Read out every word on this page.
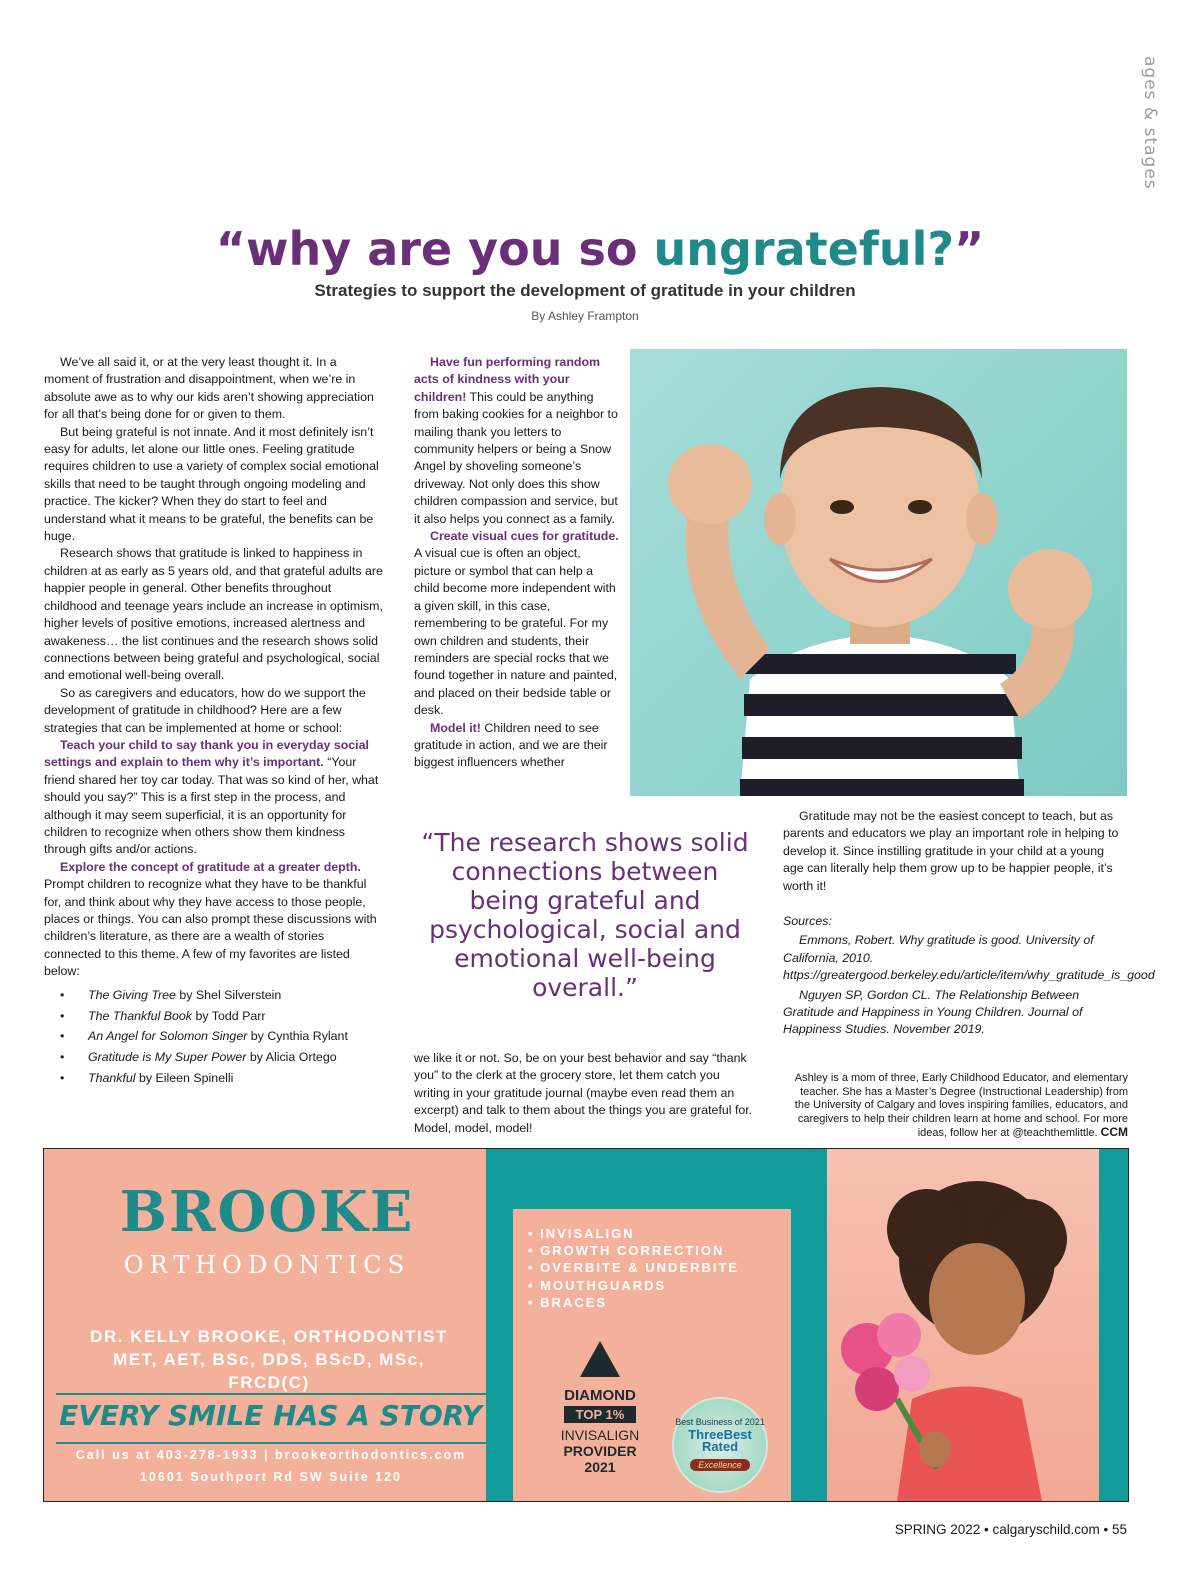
ages & stages
“why are you so ungrateful?”
Strategies to support the development of gratitude in your children
By Ashley Frampton

We’ve all said it, or at the very least thought it. In a moment of frustration and disappointment, when we’re in absolute awe as to why our kids aren’t showing appreciation for all that’s being done for or given to them.

But being grateful is not innate. And it most definitely isn’t easy for adults, let alone our little ones. Feeling gratitude requires children to use a variety of complex social emotional skills that need to be taught through ongoing modeling and practice. The kicker? When they do start to feel and understand what it means to be grateful, the benefits can be huge.

Research shows that gratitude is linked to happiness in children at as early as 5 years old, and that grateful adults are happier people in general. Other benefits throughout childhood and teenage years include an increase in optimism, higher levels of positive emotions, increased alertness and awakeness… the list continues and the research shows solid connections between being grateful and psychological, social and emotional well-being overall.

So as caregivers and educators, how do we support the development of gratitude in childhood? Here are a few strategies that can be implemented at home or school:

Teach your child to say thank you in everyday social settings and explain to them why it’s important. “Your friend shared her toy car today. That was so kind of her, what should you say?” This is a first step in the process, and although it may seem superficial, it is an opportunity for children to recognize when others show them kindness through gifts and/or actions.

Explore the concept of gratitude at a greater depth. Prompt children to recognize what they have to be thankful for, and think about why they have access to those people, places or things. You can also prompt these discussions with children’s literature, as there are a wealth of stories connected to this theme. A few of my favorites are listed below:

• The Giving Tree by Shel Silverstein
• The Thankful Book by Todd Parr
• An Angel for Solomon Singer by Cynthia Rylant
• Gratitude is My Super Power by Alicia Ortego
• Thankful by Eileen Spinelli

Have fun performing random acts of kindness with your children! This could be anything from baking cookies for a neighbor to mailing thank you letters to community helpers or being a Snow Angel by shoveling someone’s driveway. Not only does this show children compassion and service, but it also helps you connect as a family.

Create visual cues for gratitude. A visual cue is often an object, picture or symbol that can help a child become more independent with a given skill, in this case, remembering to be grateful. For my own children and students, their reminders are special rocks that we found together in nature and painted, and placed on their bedside table or desk.

Model it! Children need to see gratitude in action, and we are their biggest influencers whether

“The research shows solid connections between being grateful and psychological, social and emotional well-being overall.”

we like it or not. So, be on your best behavior and say “thank you” to the clerk at the grocery store, let them catch you writing in your gratitude journal (maybe even read them an excerpt) and talk to them about the things you are grateful for. Model, model, model!

Gratitude may not be the easiest concept to teach, but as parents and educators we play an important role in helping to develop it. Since instilling gratitude in your child at a young age can literally help them grow up to be happier people, it’s worth it!

Sources:

Emmons, Robert. Why gratitude is good. University of California, 2010. https://greatergood.berkeley.edu/article/item/why_gratitude_is_good

Nguyen SP, Gordon CL. The Relationship Between Gratitude and Happiness in Young Children. Journal of Happiness Studies. November 2019.

Ashley is a mom of three, Early Childhood Educator, and elementary teacher. She has a Master’s Degree (Instructional Leadership) from the University of Calgary and loves inspiring families, educators, and caregivers to help their children learn at home and school. For more ideas, follow her at @teachthemlittle. CCM
BROOKE
ORTHODONTICS
DR. KELLY BROOKE, ORTHODONTIST
MET, AET, BSc, DDS, BScD, MSc, FRCD(C)
EVERY SMILE HAS A STORY
Call us at 403-278-1933 | brookeorthodontics.com
10601 Southport Rd SW Suite 120
• INVISALIGN
• GROWTH CORRECTION
• OVERBITE & UNDERBITE
• MOUTHGUARDS
• BRACES
DIAMOND
TOP 1%
INVISALIGN
PROVIDER
2021
Best Business of 2021
ThreeBest Rated
Excellence
SPRING 2022 • calgaryschild.com • 55
